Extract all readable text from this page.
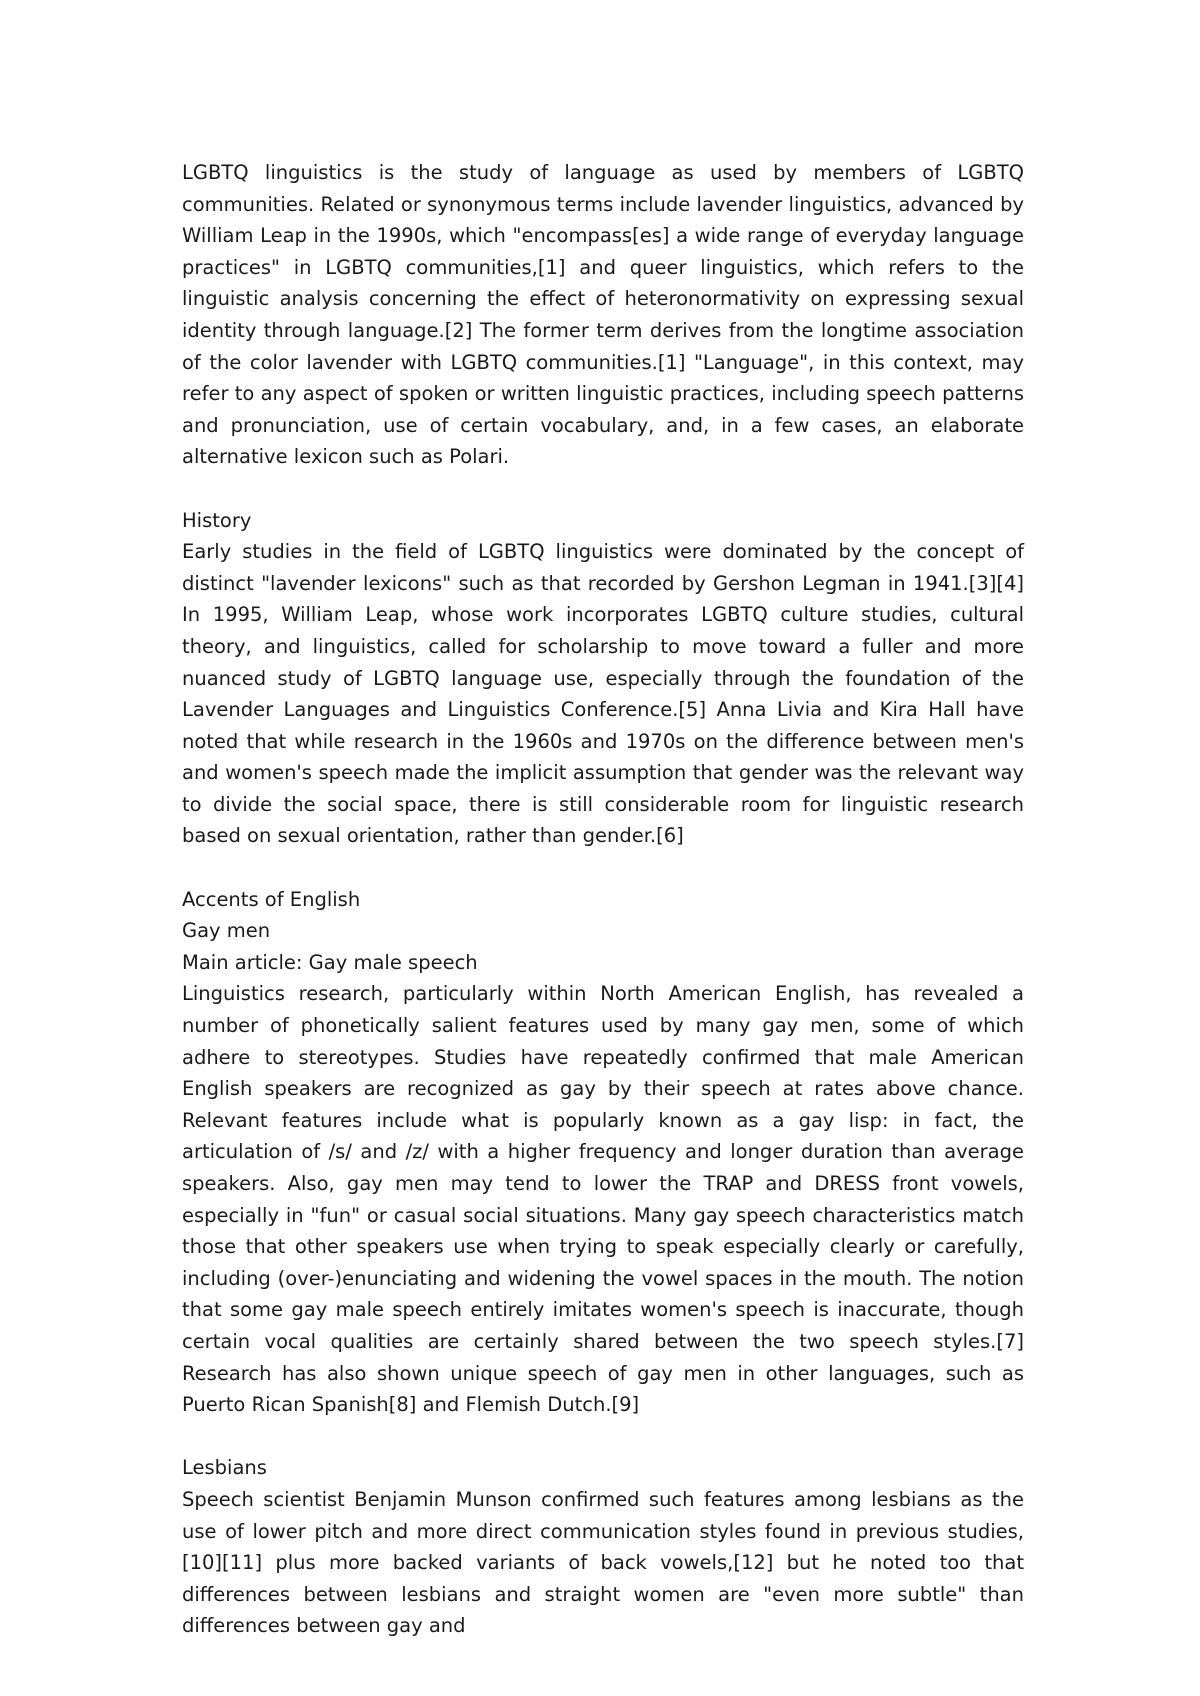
LGBTQ linguistics is the study of language as used by members of LGBTQ communities. Related or synonymous terms include lavender linguistics, advanced by William Leap in the 1990s, which "encompass[es] a wide range of everyday language practices" in LGBTQ communities,[1] and queer linguistics, which refers to the linguistic analysis concerning the effect of heteronormativity on expressing sexual identity through language.[2] The former term derives from the longtime association of the color lavender with LGBTQ communities.[1] "Language", in this context, may refer to any aspect of spoken or written linguistic practices, including speech patterns and pronunciation, use of certain vocabulary, and, in a few cases, an elaborate alternative lexicon such as Polari.

History

Early studies in the field of LGBTQ linguistics were dominated by the concept of distinct "lavender lexicons" such as that recorded by Gershon Legman in 1941.[3][4] In 1995, William Leap, whose work incorporates LGBTQ culture studies, cultural theory, and linguistics, called for scholarship to move toward a fuller and more nuanced study of LGBTQ language use, especially through the foundation of the Lavender Languages and Linguistics Conference.[5] Anna Livia and Kira Hall have noted that while research in the 1960s and 1970s on the difference between men's and women's speech made the implicit assumption that gender was the relevant way to divide the social space, there is still considerable room for linguistic research based on sexual orientation, rather than gender.[6]

Accents of English

Gay men

Main article: Gay male speech

Linguistics research, particularly within North American English, has revealed a number of phonetically salient features used by many gay men, some of which adhere to stereotypes. Studies have repeatedly confirmed that male American English speakers are recognized as gay by their speech at rates above chance. Relevant features include what is popularly known as a gay lisp: in fact, the articulation of /s/ and /z/ with a higher frequency and longer duration than average speakers. Also, gay men may tend to lower the TRAP and DRESS front vowels, especially in "fun" or casual social situations. Many gay speech characteristics match those that other speakers use when trying to speak especially clearly or carefully, including (over-)enunciating and widening the vowel spaces in the mouth. The notion that some gay male speech entirely imitates women's speech is inaccurate, though certain vocal qualities are certainly shared between the two speech styles.[7] Research has also shown unique speech of gay men in other languages, such as Puerto Rican Spanish[8] and Flemish Dutch.[9]

Lesbians

Speech scientist Benjamin Munson confirmed such features among lesbians as the use of lower pitch and more direct communication styles found in previous studies,[10][11] plus more backed variants of back vowels,[12] but he noted too that differences between lesbians and straight women are "even more subtle" than differences between gay and
